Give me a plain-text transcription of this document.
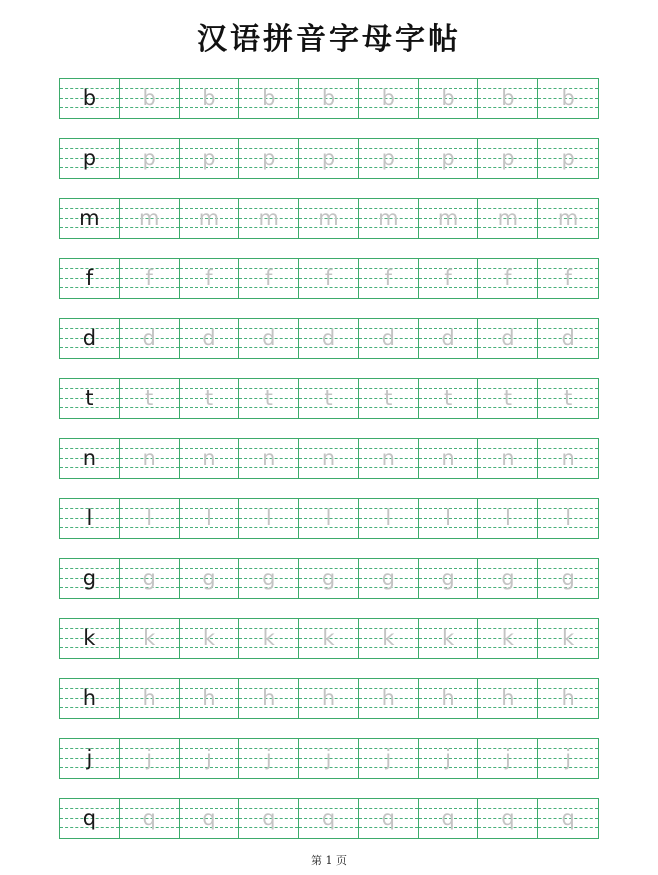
汉语拼音字母字帖
b	b	b	b	b	b	b	b	b
p	p	p	p	p	p	p	p	p
m	m	m	m	m	m	m	m	m
f	f	f	f	f	f	f	f	f
d	d	d	d	d	d	d	d	d
t	t	t	t	t	t	t	t	t
n	n	n	n	n	n	n	n	n
l	l	l	l	l	l	l	l	l
g	g	g	g	g	g	g	g	g
k	k	k	k	k	k	k	k	k
h	h	h	h	h	h	h	h	h
j	j	j	j	j	j	j	j	j
q	q	q	q	q	q	q	q	q
第 1 页
